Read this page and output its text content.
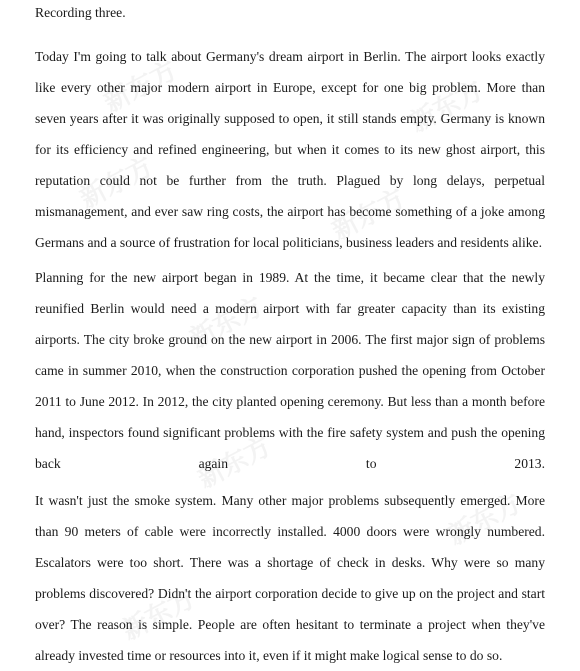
新东方	新东方
新东方
新东方
新东方
新东方
新东方
新东方

Recording three.

Today I'm going to talk about Germany's dream airport in Berlin. The airport looks exactly
like every other major modern airport in Europe, except for one big problem. More than
seven years after it was originally supposed to open, it still stands empty. Germany is known
for its efficiency and refined engineering, but when it comes to its new ghost airport, this
reputation could not be further from the truth. Plagued by long delays, perpetual
mismanagement, and ever saw ring costs, the airport has become something of a joke among
Germans and a source of frustration for local politicians, business leaders and residents alike.
Planning for the new airport began in 1989. At the time, it became clear that the newly
reunified Berlin would need a modern airport with far greater capacity than its existing
airports. The city broke ground on the new airport in 2006. The first major sign of problems
came in summer 2010, when the construction corporation pushed the opening from October
2011 to June 2012. In 2012, the city planted opening ceremony. But less than a month before
hand, inspectors found significant problems with the fire safety system and push the opening
back again to 2013.
It wasn't just the smoke system. Many other major problems subsequently emerged. More
than 90 meters of cable were incorrectly installed. 4000 doors were wrongly numbered.
Escalators were too short. There was a shortage of check in desks. Why were so many
problems discovered? Didn't the airport corporation decide to give up on the project and start
over? The reason is simple. People are often hesitant to terminate a project when they've
already invested time or resources into it, even if it might make logical sense to do so.
